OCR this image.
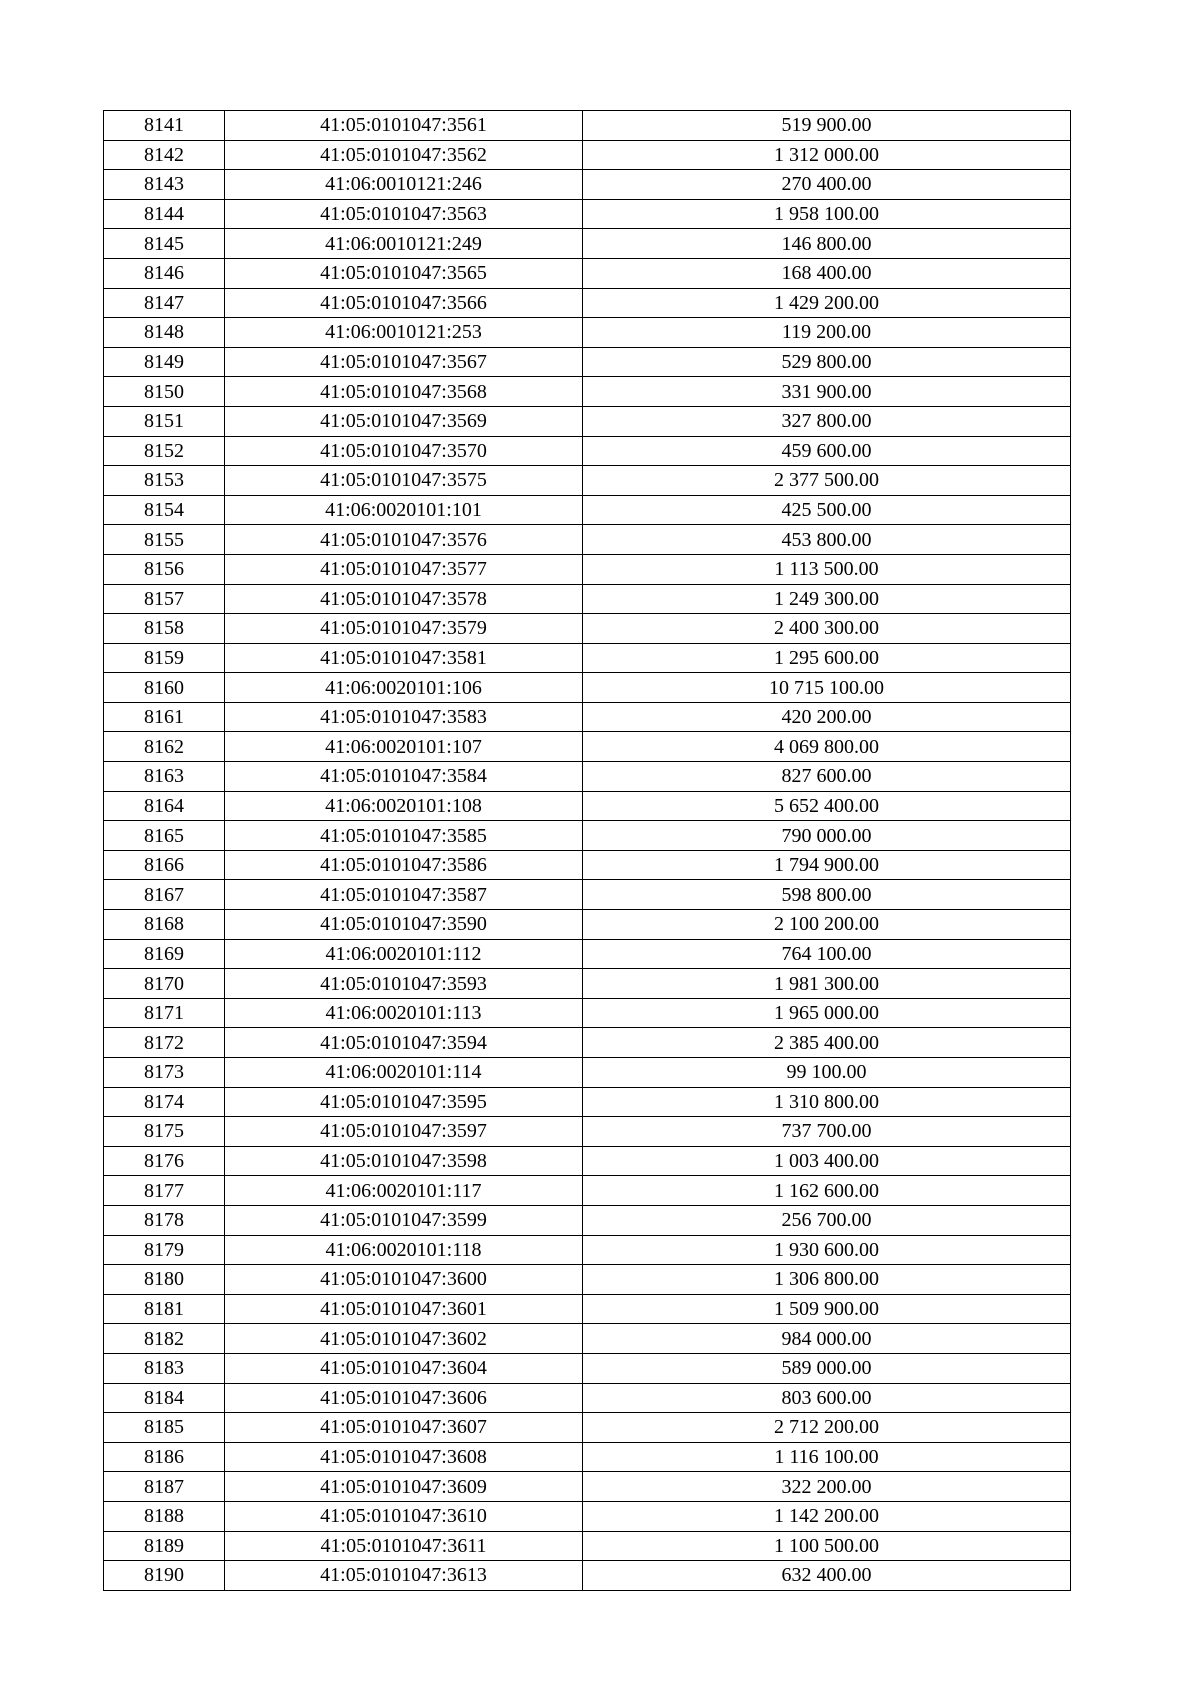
8141	41:05:0101047:3561	519 900.00
8142	41:05:0101047:3562	1 312 000.00
8143	41:06:0010121:246	270 400.00
8144	41:05:0101047:3563	1 958 100.00
8145	41:06:0010121:249	146 800.00
8146	41:05:0101047:3565	168 400.00
8147	41:05:0101047:3566	1 429 200.00
8148	41:06:0010121:253	119 200.00
8149	41:05:0101047:3567	529 800.00
8150	41:05:0101047:3568	331 900.00
8151	41:05:0101047:3569	327 800.00
8152	41:05:0101047:3570	459 600.00
8153	41:05:0101047:3575	2 377 500.00
8154	41:06:0020101:101	425 500.00
8155	41:05:0101047:3576	453 800.00
8156	41:05:0101047:3577	1 113 500.00
8157	41:05:0101047:3578	1 249 300.00
8158	41:05:0101047:3579	2 400 300.00
8159	41:05:0101047:3581	1 295 600.00
8160	41:06:0020101:106	10 715 100.00
8161	41:05:0101047:3583	420 200.00
8162	41:06:0020101:107	4 069 800.00
8163	41:05:0101047:3584	827 600.00
8164	41:06:0020101:108	5 652 400.00
8165	41:05:0101047:3585	790 000.00
8166	41:05:0101047:3586	1 794 900.00
8167	41:05:0101047:3587	598 800.00
8168	41:05:0101047:3590	2 100 200.00
8169	41:06:0020101:112	764 100.00
8170	41:05:0101047:3593	1 981 300.00
8171	41:06:0020101:113	1 965 000.00
8172	41:05:0101047:3594	2 385 400.00
8173	41:06:0020101:114	99 100.00
8174	41:05:0101047:3595	1 310 800.00
8175	41:05:0101047:3597	737 700.00
8176	41:05:0101047:3598	1 003 400.00
8177	41:06:0020101:117	1 162 600.00
8178	41:05:0101047:3599	256 700.00
8179	41:06:0020101:118	1 930 600.00
8180	41:05:0101047:3600	1 306 800.00
8181	41:05:0101047:3601	1 509 900.00
8182	41:05:0101047:3602	984 000.00
8183	41:05:0101047:3604	589 000.00
8184	41:05:0101047:3606	803 600.00
8185	41:05:0101047:3607	2 712 200.00
8186	41:05:0101047:3608	1 116 100.00
8187	41:05:0101047:3609	322 200.00
8188	41:05:0101047:3610	1 142 200.00
8189	41:05:0101047:3611	1 100 500.00
8190	41:05:0101047:3613	632 400.00
